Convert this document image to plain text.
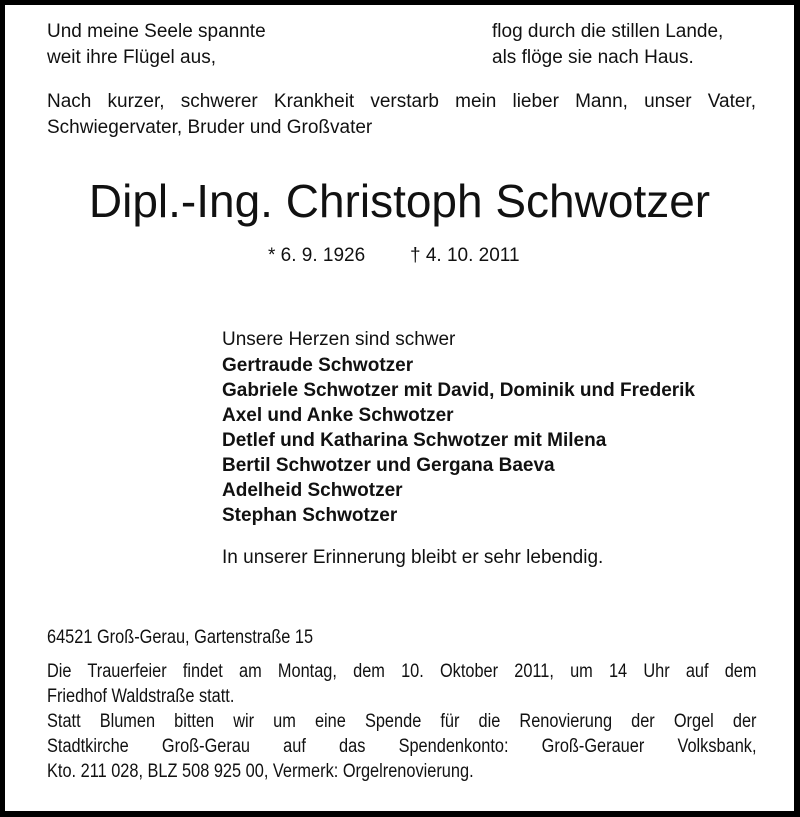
Und meine Seele spannte
weit ihre Flügel aus,
flog durch die stillen Lande,
als flöge sie nach Haus.
Nach kurzer, schwerer Krankheit verstarb mein lieber Mann, unser Vater,
Schwiegervater, Bruder und Großvater
Dipl.-Ing. Christoph Schwotzer
* 6. 9. 1926 † 4. 10. 2011
Unsere Herzen sind schwer
Gertraude Schwotzer
Gabriele Schwotzer mit David, Dominik und Frederik
Axel und Anke Schwotzer
Detlef und Katharina Schwotzer mit Milena
Bertil Schwotzer und Gergana Baeva
Adelheid Schwotzer
Stephan Schwotzer
In unserer Erinnerung bleibt er sehr lebendig.
64521 Groß-Gerau, Gartenstraße 15
Die Trauerfeier findet am Montag, dem 10. Oktober 2011, um 14 Uhr auf dem
Friedhof Waldstraße statt.
Statt Blumen bitten wir um eine Spende für die Renovierung der Orgel der
Stadtkirche Groß-Gerau auf das Spendenkonto: Groß-Gerauer Volksbank,
Kto. 211 028, BLZ 508 925 00, Vermerk: Orgelrenovierung.
